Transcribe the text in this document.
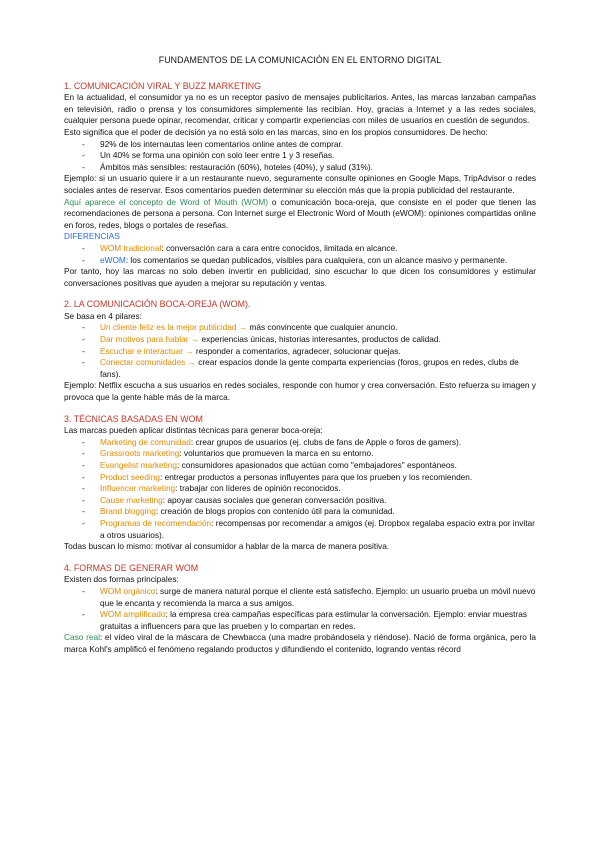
FUNDAMENTOS DE LA COMUNICACIÓN EN EL ENTORNO DIGITAL
1. COMUNICACIÓN VIRAL Y BUZZ MARKETING

En la actualidad, el consumidor ya no es un receptor pasivo de mensajes publicitarios. Antes, las marcas lanzaban campañas en televisión, radio o prensa y los consumidores simplemente las recibían. Hoy, gracias a Internet y a las redes sociales, cualquier persona puede opinar, recomendar, criticar y compartir experiencias con miles de usuarios en cuestión de segundos.

Esto significa que el poder de decisión ya no está solo en las marcas, sino en los propios consumidores. De hecho:

- 92% de los internautas leen comentarios online antes de comprar.
- Un 40% se forma una opinión con solo leer entre 1 y 3 reseñas.
- Ámbitos más sensibles: restauración (60%), hoteles (40%), y salud (31%).

Ejemplo: si un usuario quiere ir a un restaurante nuevo, seguramente consulte opiniones en Google Maps, TripAdvisor o redes sociales antes de reservar. Esos comentarios pueden determinar su elección más que la propia publicidad del restaurante.

Aquí aparece el concepto de Word of Mouth (WOM) o comunicación boca-oreja, que consiste en el poder que tienen las recomendaciones de persona a persona. Con Internet surge el Electronic Word of Mouth (eWOM): opiniones compartidas online en foros, redes, blogs o portales de reseñas.

DIFERENCIAS
- WOM tradicional: conversación cara a cara entre conocidos, limitada en alcance.
- eWOM: los comentarios se quedan publicados, visibles para cualquiera, con un alcance masivo y permanente.

Por tanto, hoy las marcas no solo deben invertir en publicidad, sino escuchar lo que dicen los consumidores y estimular conversaciones positivas que ayuden a mejorar su reputación y ventas.

2. LA COMUNICACIÓN BOCA-OREJA (WOM).

Se basa en 4 pilares:

- Un cliente feliz es la mejor publicidad → más convincente que cualquier anuncio.
- Dar motivos para hablar → experiencias únicas, historias interesantes, productos de calidad.
- Escuchar e interactuar → responder a comentarios, agradecer, solucionar quejas.
- Conectar comunidades → crear espacios donde la gente comparta experiencias (foros, grupos en redes, clubs de fans).

Ejemplo: Netflix escucha a sus usuarios en redes sociales, responde con humor y crea conversación. Esto refuerza su imagen y provoca que la gente hable más de la marca.

3. TÉCNICAS BASADAS EN WOM

Las marcas pueden aplicar distintas técnicas para generar boca-oreja:

- Marketing de comunidad: crear grupos de usuarios (ej. clubs de fans de Apple o foros de gamers).
- Grassroots marketing: voluntarios que promueven la marca en su entorno.
- Evangelist marketing: consumidores apasionados que actúan como "embajadores" espontáneos.
- Product seeding: entregar productos a personas influyentes para que los prueben y los recomienden.
- Influencer marketing: trabajar con líderes de opinión reconocidos.
- Cause marketing: apoyar causas sociales que generan conversación positiva.
- Brand blogging: creación de blogs propios con contenido útil para la comunidad.
- Programas de recomendación: recompensas por recomendar a amigos (ej. Dropbox regalaba espacio extra por invitar a otros usuarios).

Todas buscan lo mismo: motivar al consumidor a hablar de la marca de manera positiva.

4. FORMAS DE GENERAR WOM

Existen dos formas principales:

- WOM orgánico: surge de manera natural porque el cliente está satisfecho. Ejemplo: un usuario prueba un móvil nuevo que le encanta y recomienda la marca a sus amigos.
- WOM amplificado: la empresa crea campañas específicas para estimular la conversación. Ejemplo: enviar muestras gratuitas a influencers para que las prueben y lo compartan en redes.

Caso real: el vídeo viral de la máscara de Chewbacca (una madre probándosela y riéndose). Nació de forma orgánica, pero la marca Kohl's amplificó el fenómeno regalando productos y difundiendo el contenido, logrando ventas récord
